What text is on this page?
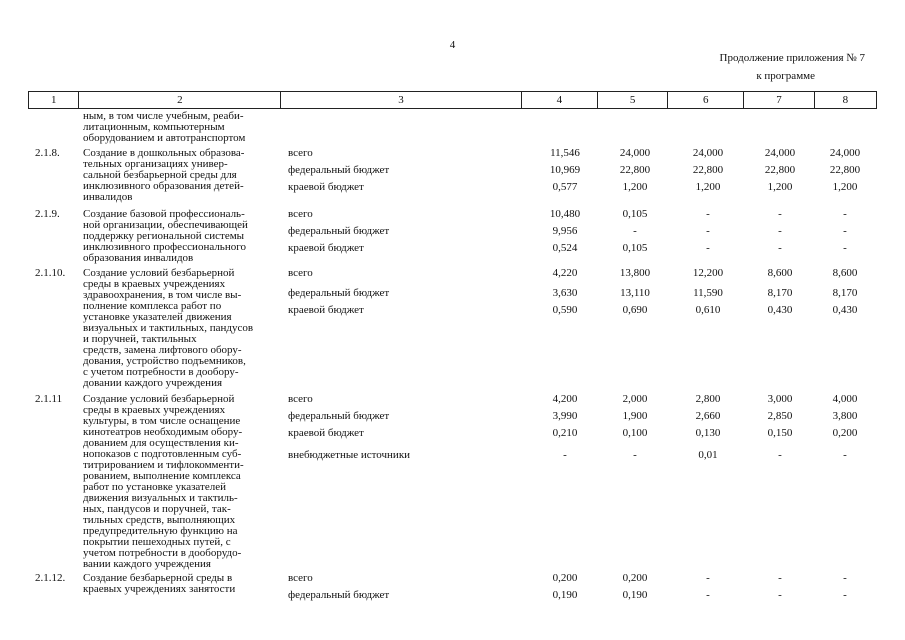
4
Продолжение приложения № 7
к программе
1	2	3	4	5	6	7	8
ным, в том числе учебным, реаби-
литационным, компьютерным
оборудованием и автотранспортом
2.1.8.	Создание в дошкольных образова-
тельных организациях универ-
сальной безбарьерной среды для
инклюзивного образования детей-
инвалидов
всего	11,546	24,000	24,000	24,000	24,000
федеральный бюджет	10,969	22,800	22,800	22,800	22,800
краевой бюджет	0,577	1,200	1,200	1,200	1,200
2.1.9.	Создание базовой профессиональ-
ной организации, обеспечивающей
поддержку региональной системы
инклюзивного профессионального
образования инвалидов
всего	10,480	0,105	-	-	-
федеральный бюджет	9,956	-	-	-	-
краевой бюджет	0,524	0,105	-	-	-
2.1.10.	Создание условий безбарьерной
среды в краевых учреждениях
здравоохранения, в том числе вы-
полнение комплекса работ по
установке указателей движения
визуальных и тактильных, пандусов
и поручней, тактильных
средств, замена лифтового обору-
дования, устройство подъемников,
с учетом потребности в дообору-
довании каждого учреждения
всего	4,220	13,800	12,200	8,600	8,600
федеральный бюджет	3,630	13,110	11,590	8,170	8,170
краевой бюджет	0,590	0,690	0,610	0,430	0,430
2.1.11	Создание условий безбарьерной
среды в краевых учреждениях
культуры, в том числе оснащение
кинотеатров необходимым обору-
дованием для осуществления ки-
нопоказов с подготовленным суб-
титрированием и тифлокомменти-
рованием, выполнение комплекса
работ по установке указателей
движения визуальных и тактиль-
ных, пандусов и поручней, так-
тильных средств, выполняющих
предупредительную функцию на
покрытии пешеходных путей, с
учетом потребности в дооборудо-
вании каждого учреждения
всего	4,200	2,000	2,800	3,000	4,000
федеральный бюджет	3,990	1,900	2,660	2,850	3,800
краевой бюджет	0,210	0,100	0,130	0,150	0,200
внебюджетные источники	-	-	0,01	-	-
2.1.12.	Создание безбарьерной среды в
краевых учреждениях занятости
всего	0,200	0,200	-	-	-
федеральный бюджет	0,190	0,190	-	-	-
